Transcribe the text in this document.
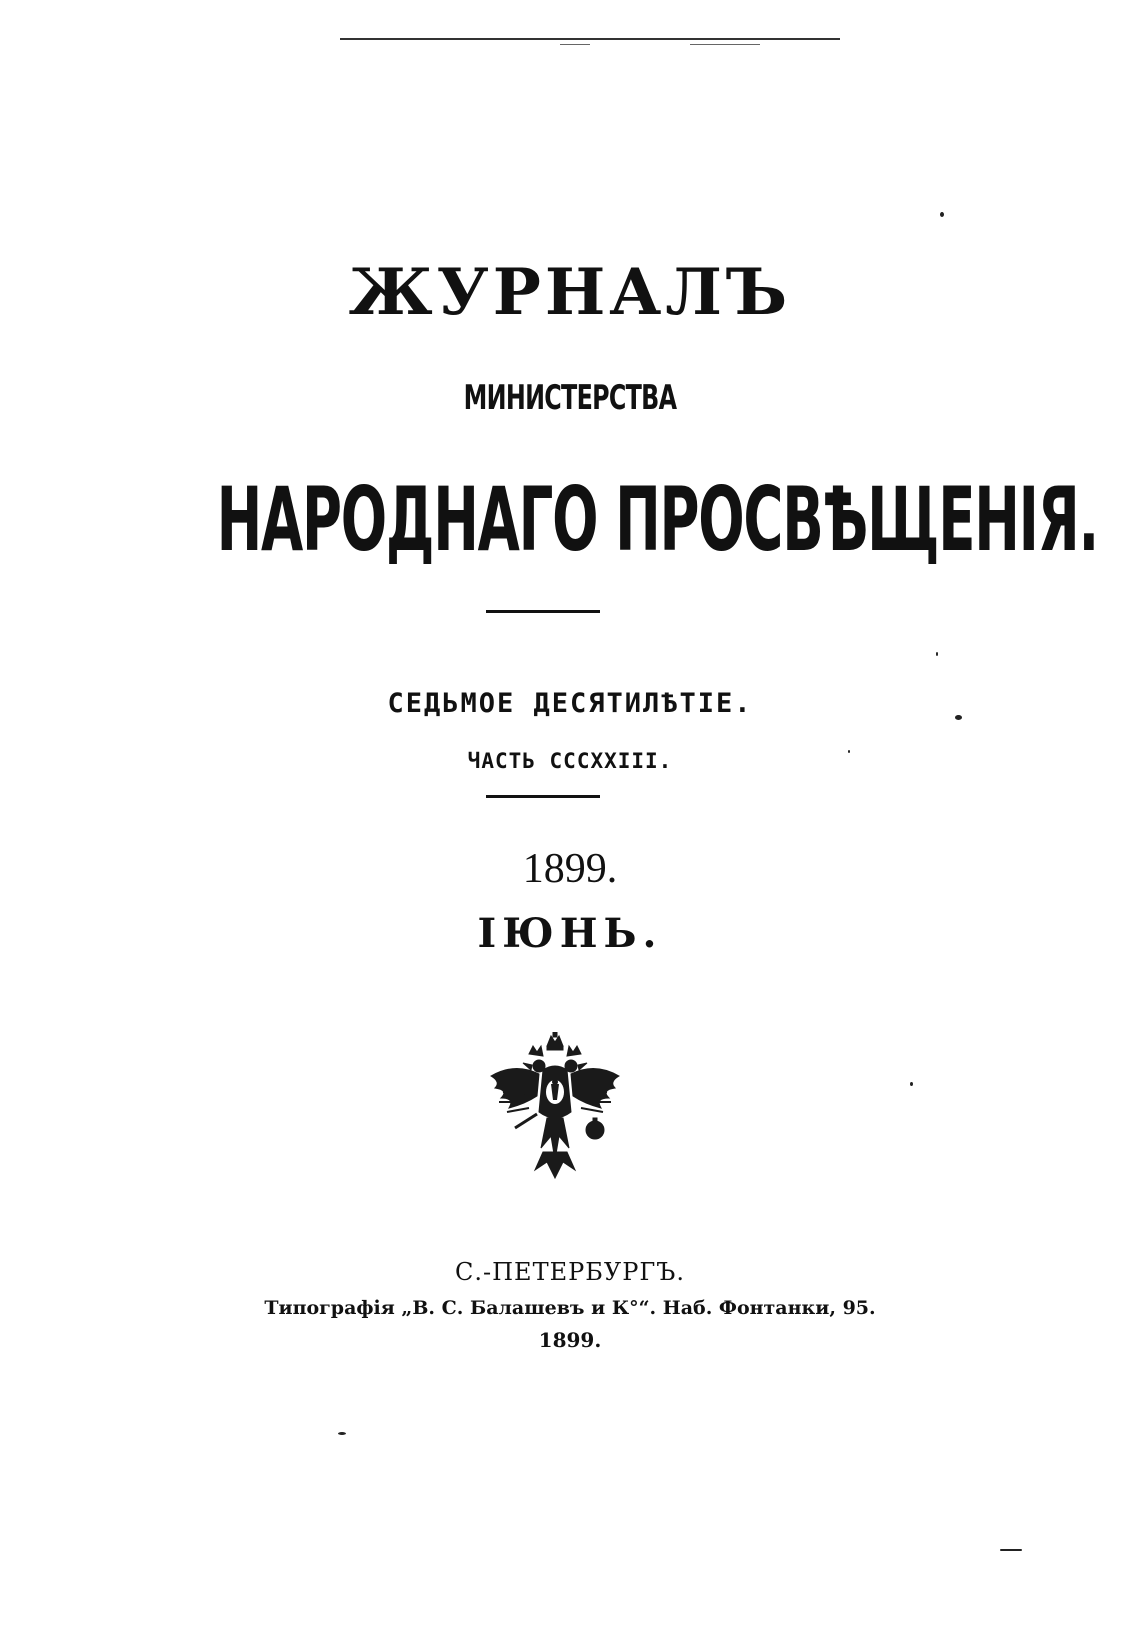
ЖУРНАЛЪ
МИНИСТЕРСТВА
НАРОДНАГО ПРОСВѢЩЕНІЯ.
СЕДЬМОЕ ДЕСЯТИЛѢТІЕ.
ЧАСТЬ СССХХIII.
1899.
ІЮНЬ.
С.-ПЕТЕРБУРГЪ.
Типографія „В. С. Балашевъ и К°“. Наб. Фонтанки, 95.
1899.
